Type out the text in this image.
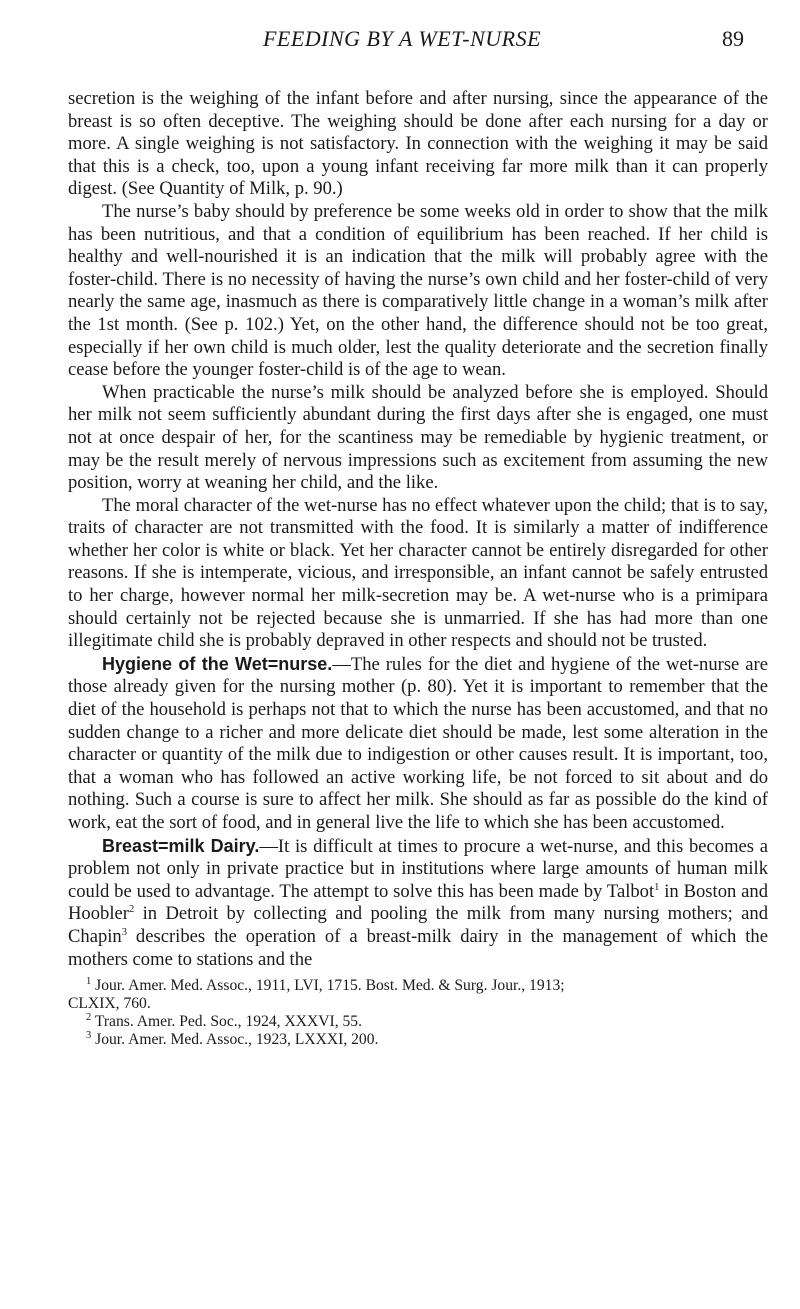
FEEDING BY A WET-NURSE	89

secretion is the weighing of the infant before and after nursing, since the appearance of the breast is so often deceptive. The weighing should be done after each nursing for a day or more. A single weighing is not satisfactory. In connection with the weighing it may be said that this is a check, too, upon a young infant receiving far more milk than it can properly digest. (See Quantity of Milk, p. 90.)

The nurse’s baby should by preference be some weeks old in order to show that the milk has been nutritious, and that a condition of equilibrium has been reached. If her child is healthy and well-nourished it is an indication that the milk will probably agree with the foster-child. There is no necessity of having the nurse’s own child and her foster-child of very nearly the same age, inasmuch as there is comparatively little change in a woman’s milk after the 1st month. (See p. 102.) Yet, on the other hand, the difference should not be too great, especially if her own child is much older, lest the quality deteriorate and the secretion finally cease before the younger foster-child is of the age to wean.

When practicable the nurse’s milk should be analyzed before she is employed. Should her milk not seem sufficiently abundant during the first days after she is engaged, one must not at once despair of her, for the scantiness may be remediable by hygienic treatment, or may be the result merely of nervous impressions such as excitement from assuming the new position, worry at weaning her child, and the like.

The moral character of the wet-nurse has no effect whatever upon the child; that is to say, traits of character are not transmitted with the food. It is similarly a matter of indifference whether her color is white or black. Yet her character cannot be entirely disregarded for other reasons. If she is intemperate, vicious, and irresponsible, an infant cannot be safely entrusted to her charge, however normal her milk-secretion may be. A wet-nurse who is a primipara should certainly not be rejected because she is unmarried. If she has had more than one illegitimate child she is probably depraved in other respects and should not be trusted.

Hygiene of the Wet=nurse.—The rules for the diet and hygiene of the wet-nurse are those already given for the nursing mother (p. 80). Yet it is important to remember that the diet of the household is perhaps not that to which the nurse has been accustomed, and that no sudden change to a richer and more delicate diet should be made, lest some alteration in the character or quantity of the milk due to indigestion or other causes result. It is important, too, that a woman who has followed an active working life, be not forced to sit about and do nothing. Such a course is sure to affect her milk. She should as far as possible do the kind of work, eat the sort of food, and in general live the life to which she has been accustomed.

Breast=milk Dairy.—It is difficult at times to procure a wet-nurse, and this becomes a problem not only in private practice but in institutions where large amounts of human milk could be used to advantage. The attempt to solve this has been made by Talbot$^1$ in Boston and Hoobler$^2$ in Detroit by collecting and pooling the milk from many nursing mothers; and Chapin$^3$ describes the operation of a breast-milk dairy in the management of which the mothers come to stations and the

$^1$ Jour. Amer. Med. Assoc., 1911, LVI, 1715. Bost. Med. & Surg. Jour., 1913;

CLXIX, 760.

$^2$ Trans. Amer. Ped. Soc., 1924, XXXVI, 55.

$^3$ Jour. Amer. Med. Assoc., 1923, LXXXI, 200.
